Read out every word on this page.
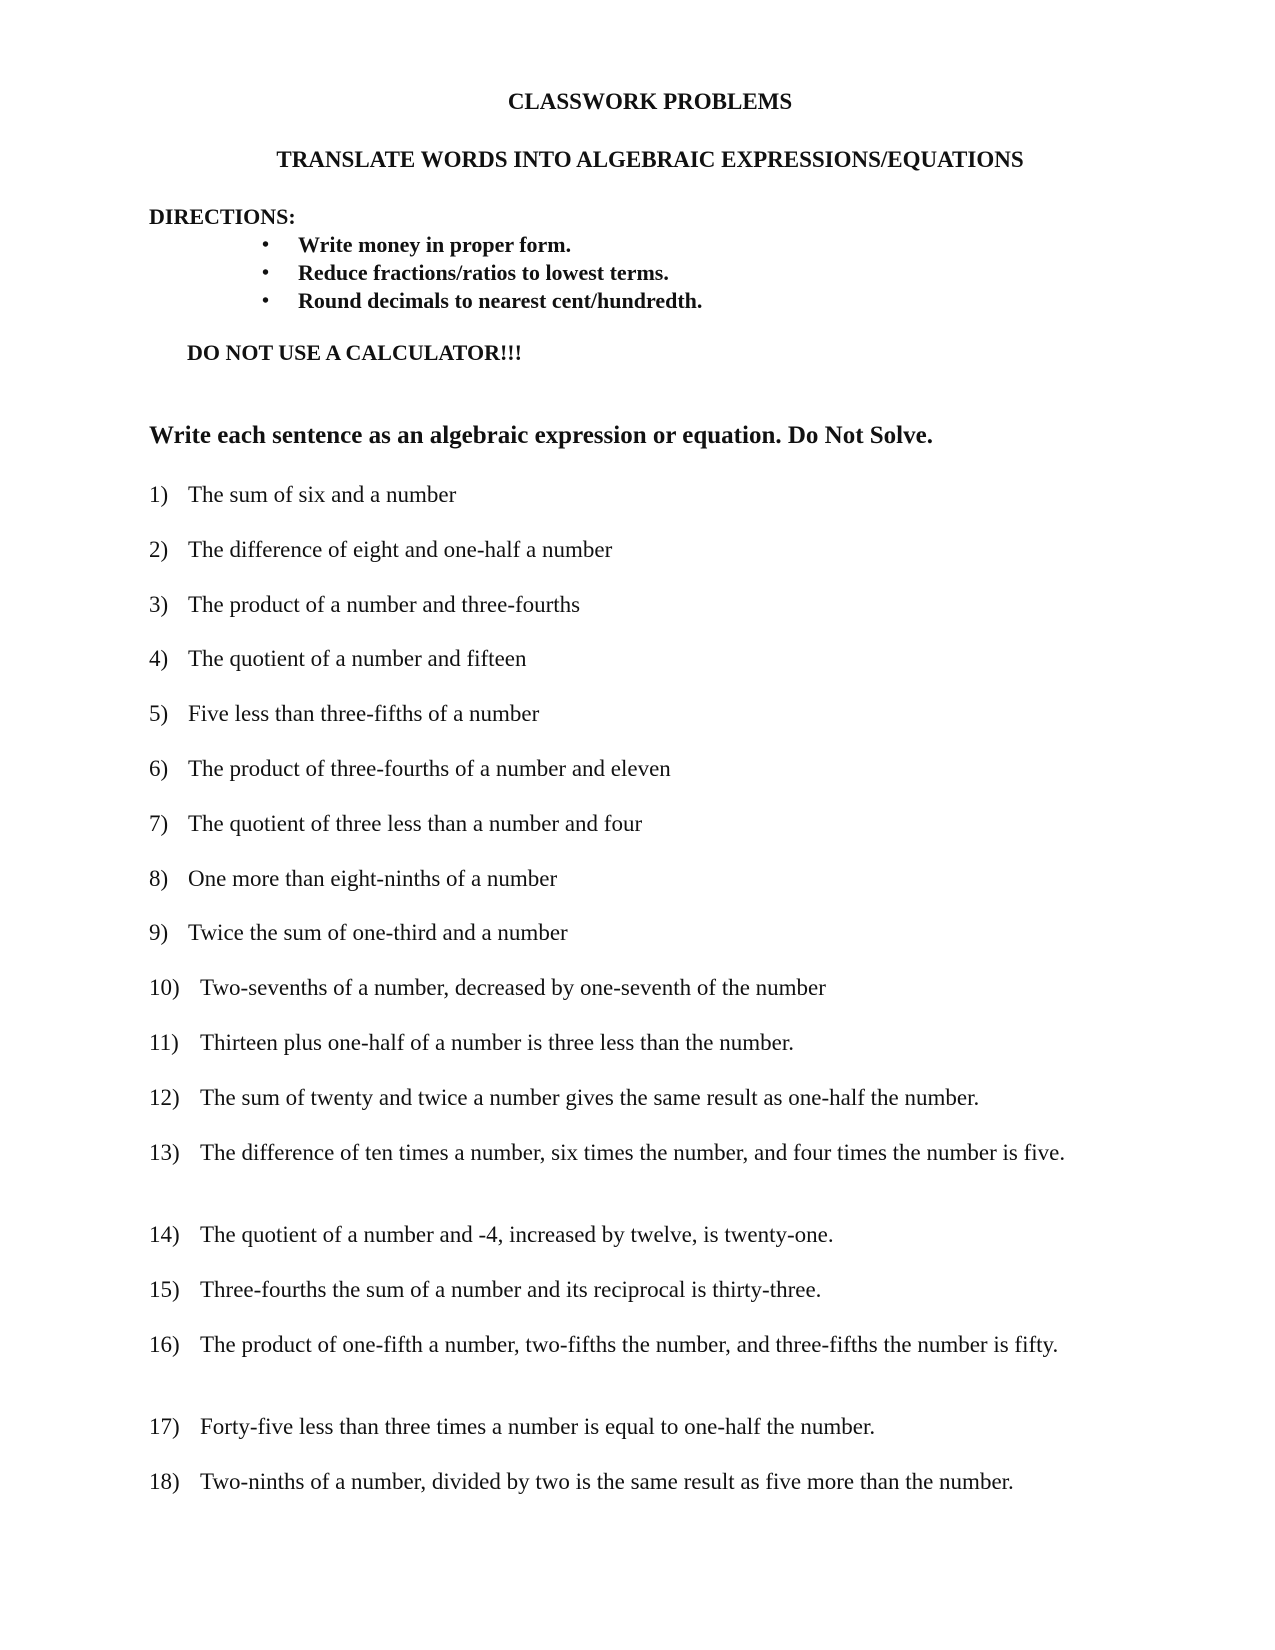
CLASSWORK PROBLEMS
TRANSLATE WORDS INTO ALGEBRAIC EXPRESSIONS/EQUATIONS
DIRECTIONS:
• Write money in proper form.
• Reduce fractions/ratios to lowest terms.
• Round decimals to nearest cent/hundredth.
DO NOT USE A CALCULATOR!!!
Write each sentence as an algebraic expression or equation. Do Not Solve.
1) The sum of six and a number
2) The difference of eight and one-half a number
3) The product of a number and three-fourths
4) The quotient of a number and fifteen
5) Five less than three-fifths of a number
6) The product of three-fourths of a number and eleven
7) The quotient of three less than a number and four
8) One more than eight-ninths of a number
9) Twice the sum of one-third and a number
10) Two-sevenths of a number, decreased by one-seventh of the number
11) Thirteen plus one-half of a number is three less than the number.
12) The sum of twenty and twice a number gives the same result as one-half the number.
13) The difference of ten times a number, six times the number, and four times the number is five.
14) The quotient of a number and -4, increased by twelve, is twenty-one.
15) Three-fourths the sum of a number and its reciprocal is thirty-three.
16) The product of one-fifth a number, two-fifths the number, and three-fifths the number is fifty.
17) Forty-five less than three times a number is equal to one-half the number.
18) Two-ninths of a number, divided by two is the same result as five more than the number.
